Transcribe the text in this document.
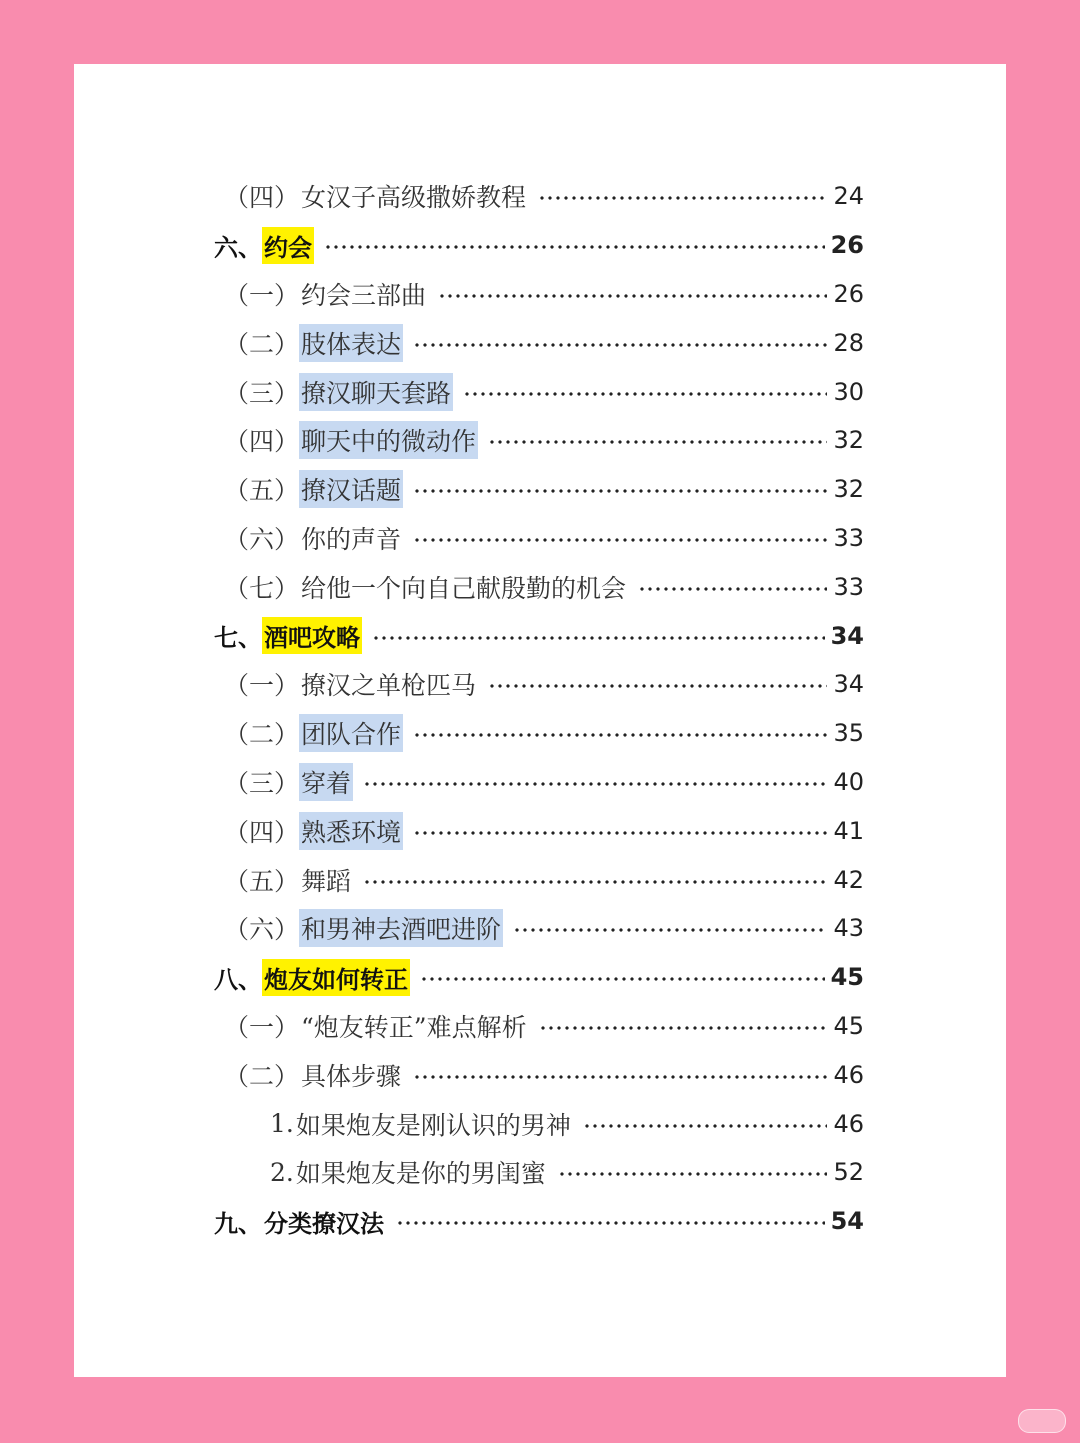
（四） 女汉子高级撒娇教程	24
六、 约会	26
（一） 约会三部曲	26
（二） 肢体表达	28
（三） 撩汉聊天套路	30
（四） 聊天中的微动作	32
（五） 撩汉话题	32
（六） 你的声音	33
（七） 给他一个向自己献殷勤的机会	33
七、 酒吧攻略	34
（一） 撩汉之单枪匹马	34
（二） 团队合作	35
（三） 穿着	40
（四） 熟悉环境	41
（五） 舞蹈	42
（六） 和男神去酒吧进阶	43
八、 炮友如何转正	45
（一） “炮友转正”难点解析	45
（二） 具体步骤	46
1. 如果炮友是刚认识的男神	46
2. 如果炮友是你的男闺蜜	52
九、 分类撩汉法	54
